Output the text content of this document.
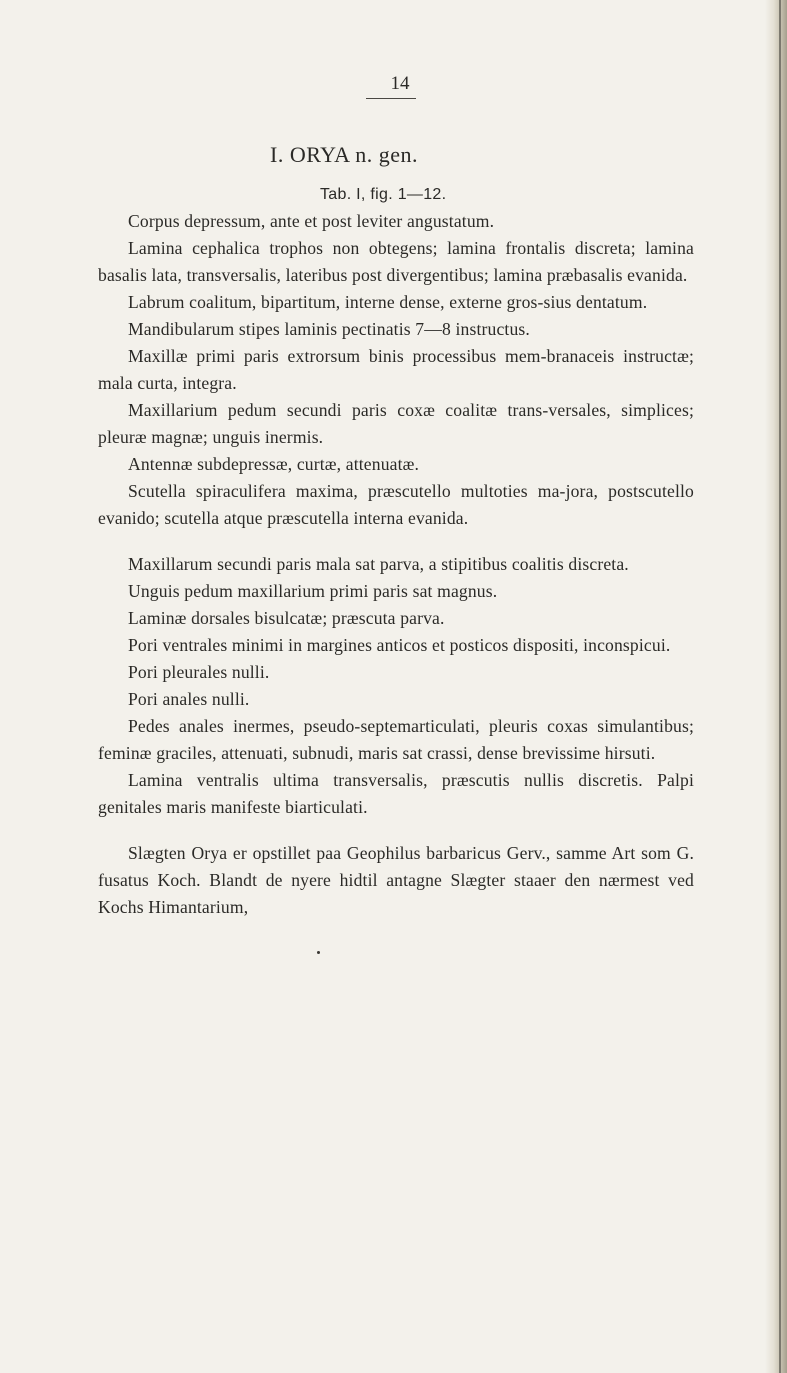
14
I. ORYA n. gen.
Tab. I, fig. 1—12.

Corpus depressum, ante et post leviter angustatum.

Lamina cephalica trophos non obtegens; lamina frontalis discreta; lamina basalis lata, transversalis, lateribus post divergentibus; lamina præbasalis evanida.

Labrum coalitum, bipartitum, interne dense, externe gros-sius dentatum.

Mandibularum stipes laminis pectinatis 7—8 instructus.

Maxillæ primi paris extrorsum binis processibus mem-branaceis instructæ; mala curta, integra.

Maxillarium pedum secundi paris coxæ coalitæ trans-versales, simplices; pleuræ magnæ; unguis inermis.

Antennæ subdepressæ, curtæ, attenuatæ.

Scutella spiraculifera maxima, præscutello multoties ma-jora, postscutello evanido; scutella atque præscutella interna evanida.

Maxillarum secundi paris mala sat parva, a stipitibus coalitis discreta.

Unguis pedum maxillarium primi paris sat magnus.

Laminæ dorsales bisulcatæ; præscuta parva.

Pori ventrales minimi in margines anticos et posticos dispositi, inconspicui.

Pori pleurales nulli.

Pori anales nulli.

Pedes anales inermes, pseudo-septemarticulati, pleuris coxas simulantibus; feminæ graciles, attenuati, subnudi, maris sat crassi, dense brevissime hirsuti.

Lamina ventralis ultima transversalis, præscutis nullis discretis. Palpi genitales maris manifeste biarticulati.

Slægten Orya er opstillet paa Geophilus barbaricus Gerv., samme Art som G. fusatus Koch. Blandt de nyere hidtil antagne Slægter staaer den nærmest ved Kochs Himantarium,
